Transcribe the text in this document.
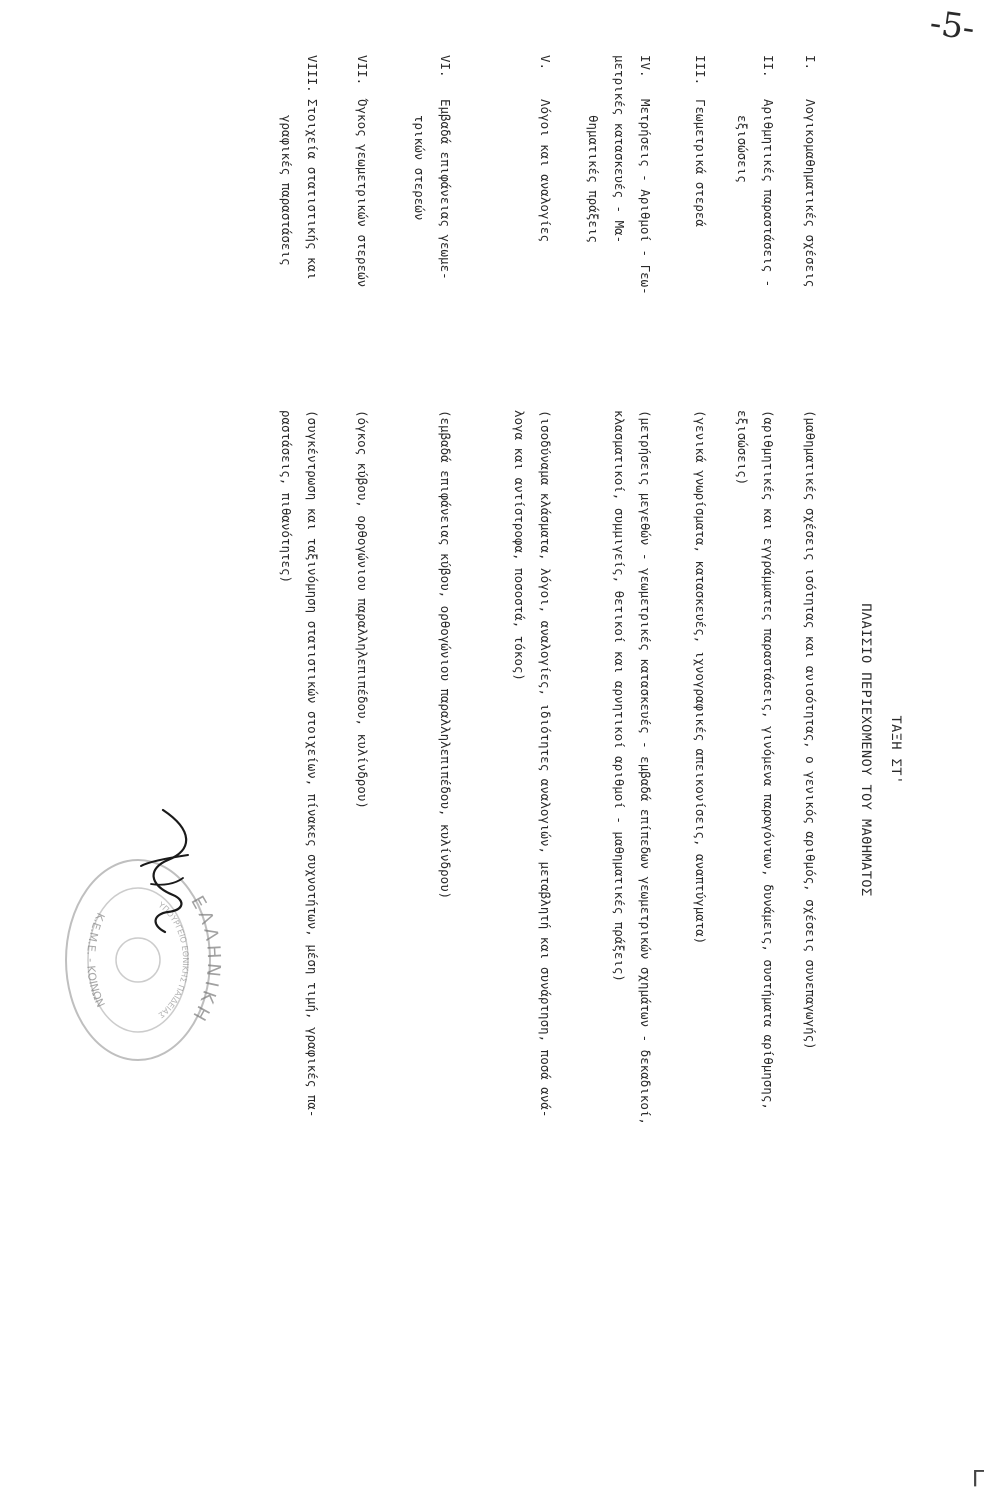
-5-
Γ
ΤΑΞΗ ΣΤ'
ΠΛΑΙΣΙΟ ΠΕΡΙΕΧΟΜΕΝΟΥ ΤΟΥ ΜΑΘΗΜΑΤΟΣ
I.Λογικομαθηματικές σχέσεις
(μαθηματικές σχέσεις ισότητας και ανισότητας, ο γενικός αριθμός, σχέσεις συνεπαγωγής)
II.Αριθμητικές παραστάσεις -
εξισώσεις
(αριθμητικές και εγγράμματες παραστάσεις, γινόμενα παραγόντων, δυνάμεις, συστήματα αρίθμησης,
εξισώσεις)
III.Γεωμετρικά στερεά
(γενικά γνωρίσματα, κατασκευές, ιχνογραφικές απεικονίσεις, αναπτύγματα)
IV.Μετρήσεις - Αριθμοί - Γεω-
μετρικές κατασκευές - Μα-
θηματικές πράξεις
(μετρήσεις μεγεθών - γεωμετρικές κατασκευές - εμβαδά επίπεδων γεωμετρικών σχημάτων - δεκαδικοί,
κλασματικοί, συμμιγείς, θετικοί και αρνητικοί αριθμοί - μαθηματικές πράξεις)
V.Λόγοι και αναλογίες
(ισοδύναμα κλάσματα, λόγοι, αναλογίες, ιδιότητες αναλογιών, μεταβλητή και συνάρτηση, ποσά ανά-
λογα και αντίστροφα, ποσοστά, τόκος)
VI.Εμβαδά επιφάνειας γεωμε-
τρικών στερεών
(εμβαδά επιφάνειας κύβου, ορθογώνιου παραλληλεπιπέδου, κυλίνδρου)
VII.Όγκος γεωμετρικών στερεών
(όγκος κύβου, ορθογώνιου παραλληλεπιπέδου, κυλίνδρου)
VIII.Στοιχεία στατιστικής και
γραφικές παραστάσεις
(συγκέντρωση και ταξινόμηση στατιστικών στοιχείων, πίνακες συχνοτήτων, μέση τιμή, γραφικές πα-
ραστάσεις, πιθανότητες)
ΕΛΛΗΝΙΚΗ
ΥΠΟΥΡΓΕΙΟ ΕΘΝΙΚΗΣ ΠΑΙΔΕΙΑΣ
Κ.Ε.Μ.Ε. - ΚΟΙΝΩΝ
